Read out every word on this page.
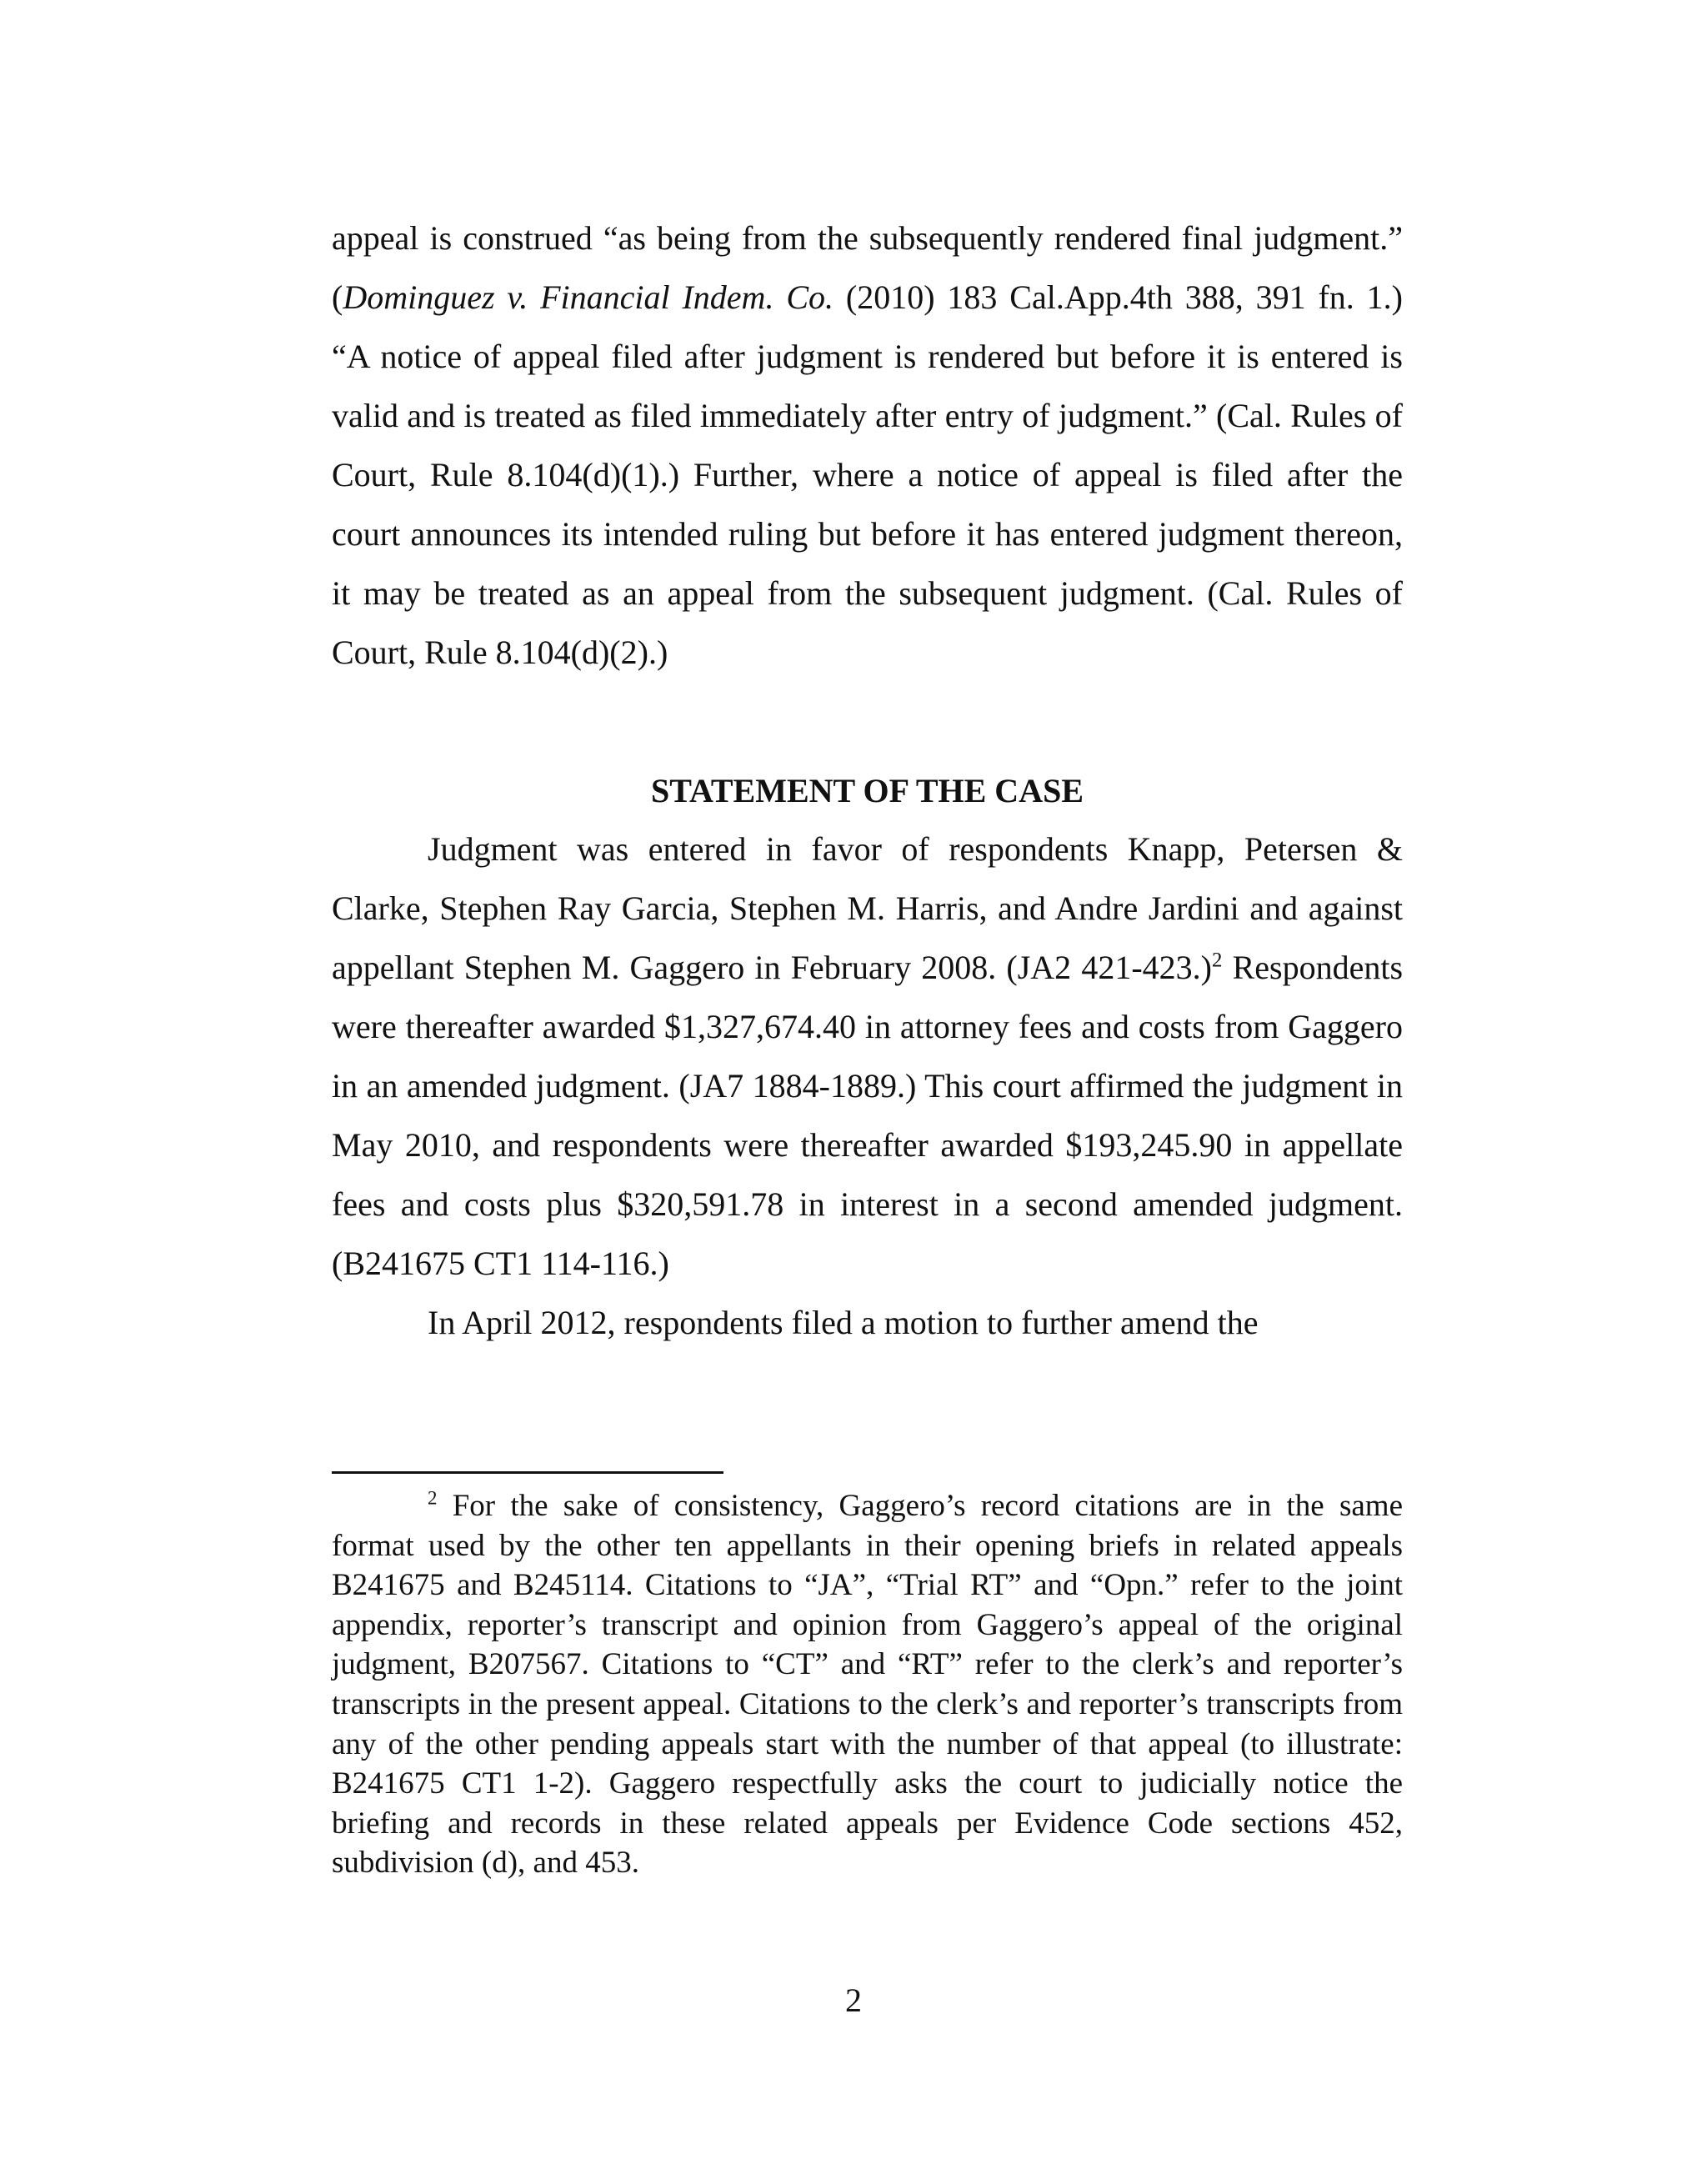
appeal is construed “as being from the subsequently rendered final judgment.” (Dominguez v. Financial Indem. Co. (2010) 183 Cal.App.4th 388, 391 fn. 1.) “A notice of appeal filed after judgment is rendered but before it is entered is valid and is treated as filed immediately after entry of judgment.” (Cal. Rules of Court, Rule 8.104(d)(1).) Further, where a notice of appeal is filed after the court announces its intended ruling but before it has entered judgment thereon, it may be treated as an appeal from the subsequent judgment. (Cal. Rules of Court, Rule 8.104(d)(2).)

STATEMENT OF THE CASE

Judgment was entered in favor of respondents Knapp, Petersen & Clarke, Stephen Ray Garcia, Stephen M. Harris, and Andre Jardini and against appellant Stephen M. Gaggero in February 2008. (JA2 421-423.)$^2$ Respondents were thereafter awarded $1,327,674.40 in attorney fees and costs from Gaggero in an amended judgment. (JA7 1884-1889.) This court affirmed the judgment in May 2010, and respondents were thereafter awarded $193,245.90 in appellate fees and costs plus $320,591.78 in interest in a second amended judgment. (B241675 CT1 114-116.)

In April 2012, respondents filed a motion to further amend the

$^2$ For the sake of consistency, Gaggero’s record citations are in the same format used by the other ten appellants in their opening briefs in related appeals B241675 and B245114. Citations to “JA”, “Trial RT” and “Opn.” refer to the joint appendix, reporter’s transcript and opinion from Gaggero’s appeal of the original judgment, B207567. Citations to “CT” and “RT” refer to the clerk’s and reporter’s transcripts in the present appeal. Citations to the clerk’s and reporter’s transcripts from any of the other pending appeals start with the number of that appeal (to illustrate: B241675 CT1 1-2). Gaggero respectfully asks the court to judicially notice the briefing and records in these related appeals per Evidence Code sections 452, subdivision (d), and 453.

2
